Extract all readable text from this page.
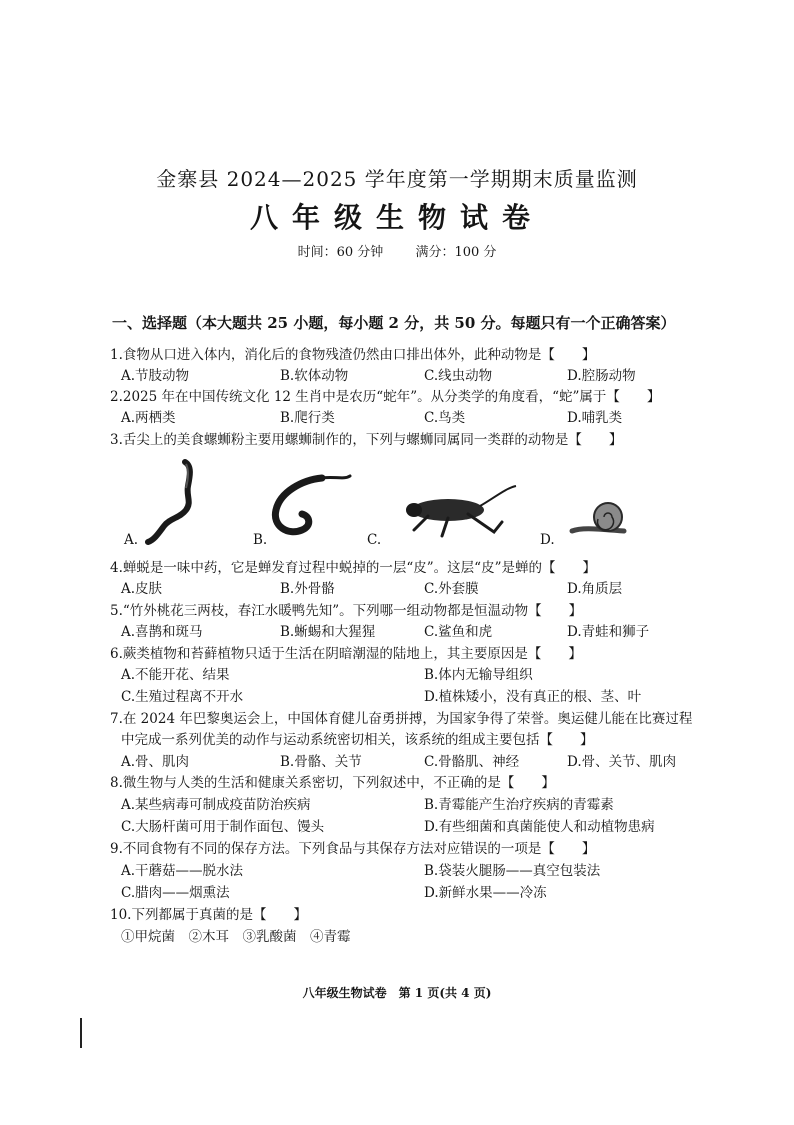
金寨县 2024—2025 学年度第一学期期末质量监测
八年级生物试卷
时间：60 分钟 满分：100 分
一、选择题（本大题共 25 小题，每小题 2 分，共 50 分。每题只有一个正确答案）
1.食物从口进入体内，消化后的食物残渣仍然由口排出体外，此种动物是【　　】
A.节肢动物	B.软体动物	C.线虫动物	D.腔肠动物
2.2025 年在中国传统文化 12 生肖中是农历“蛇年”。从分类学的角度看，“蛇”属于【　　】
A.两栖类	B.爬行类	C.鸟类	D.哺乳类
3.舌尖上的美食螺蛳粉主要用螺蛳制作的，下列与螺蛳同属同一类群的动物是【　　】
A.	B.	C.	D.
4.蝉蜕是一味中药，它是蝉发育过程中蜕掉的一层“皮”。这层“皮”是蝉的【　　】
A.皮肤	B.外骨骼	C.外套膜	D.角质层
5.“竹外桃花三两枝，春江水暖鸭先知”。下列哪一组动物都是恒温动物【　　】
A.喜鹊和斑马	B.蜥蜴和大猩猩	C.鲨鱼和虎	D.青蛙和狮子
6.蕨类植物和苔藓植物只适于生活在阴暗潮湿的陆地上，其主要原因是【　　】
A.不能开花、结果	B.体内无输导组织
C.生殖过程离不开水	D.植株矮小，没有真正的根、茎、叶
7.在 2024 年巴黎奥运会上，中国体育健儿奋勇拼搏，为国家争得了荣誉。奥运健儿能在比赛过程
中完成一系列优美的动作与运动系统密切相关，该系统的组成主要包括【　　】
A.骨、肌肉	B.骨骼、关节	C.骨骼肌、神经	D.骨、关节、肌肉
8.微生物与人类的生活和健康关系密切，下列叙述中，不正确的是【　　】
A.某些病毒可制成疫苗防治疾病	B.青霉能产生治疗疾病的青霉素
C.大肠杆菌可用于制作面包、馒头	D.有些细菌和真菌能使人和动植物患病
9.不同食物有不同的保存方法。下列食品与其保存方法对应错误的一项是【　　】
A.干蘑菇——脱水法	B.袋装火腿肠——真空包装法
C.腊肉——烟熏法	D.新鲜水果——冷冻
10.下列都属于真菌的是【　　】
①甲烷菌　②木耳　③乳酸菌　④青霉
八年级生物试卷　第 1 页(共 4 页)
